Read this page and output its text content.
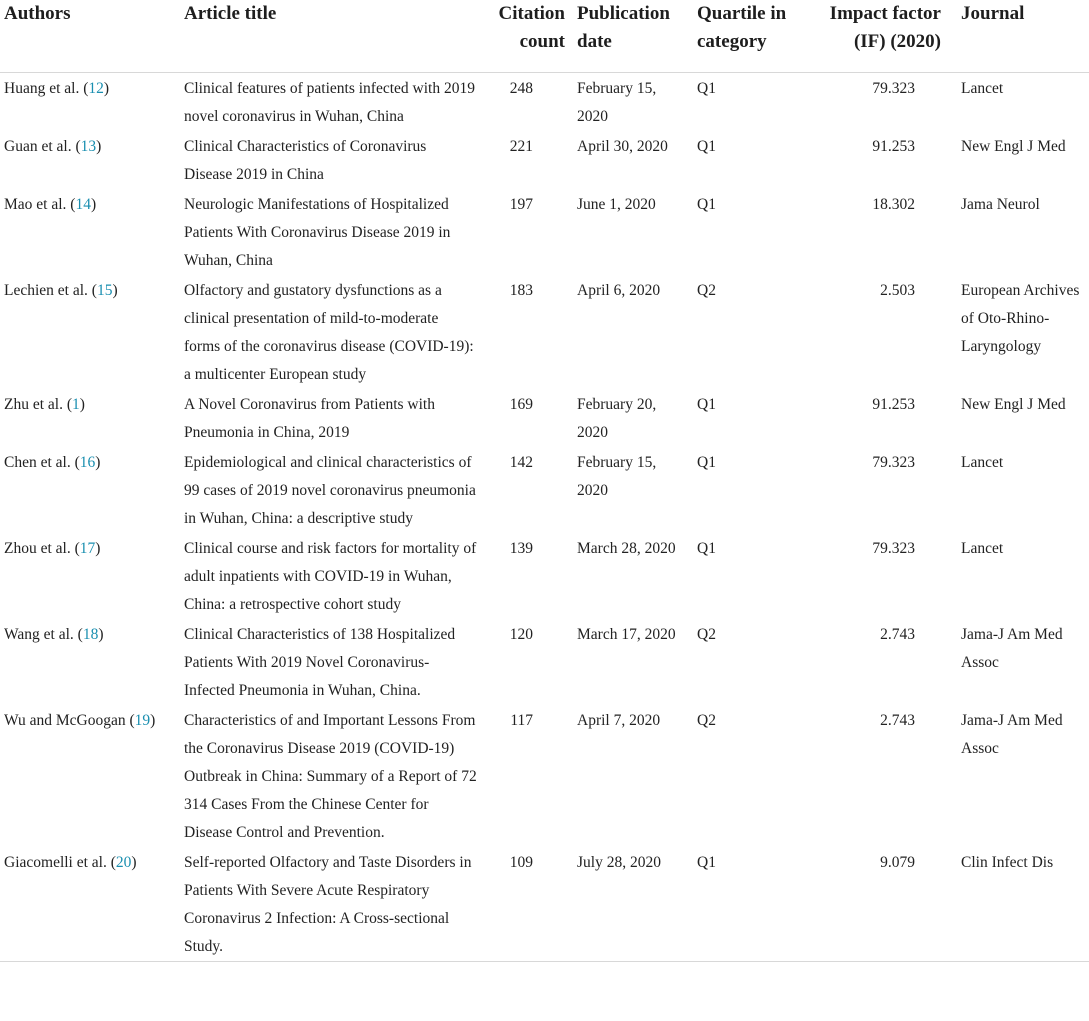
Authors	Article title	Citation count	Publication date	Quartile in category	Impact factor (IF) (2020)	Journal
Huang et al. (12)	Clinical features of patients infected with 2019 novel coronavirus in Wuhan, China	248	February 15, 2020	Q1	79.323	Lancet
Guan et al. (13)	Clinical Characteristics of Coronavirus Disease 2019 in China	221	April 30, 2020	Q1	91.253	New Engl J Med
Mao et al. (14)	Neurologic Manifestations of Hospitalized Patients With Coronavirus Disease 2019 in Wuhan, China	197	June 1, 2020	Q1	18.302	Jama Neurol
Lechien et al. (15)	Olfactory and gustatory dysfunctions as a clinical presentation of mild-to-moderate forms of the coronavirus disease (COVID-19): a multicenter European study	183	April 6, 2020	Q2	2.503	European Archives of Oto-Rhino-Laryngology
Zhu et al. (1)	A Novel Coronavirus from Patients with Pneumonia in China, 2019	169	February 20, 2020	Q1	91.253	New Engl J Med
Chen et al. (16)	Epidemiological and clinical characteristics of 99 cases of 2019 novel coronavirus pneumonia in Wuhan, China: a descriptive study	142	February 15, 2020	Q1	79.323	Lancet
Zhou et al. (17)	Clinical course and risk factors for mortality of adult inpatients with COVID-19 in Wuhan, China: a retrospective cohort study	139	March 28, 2020	Q1	79.323	Lancet
Wang et al. (18)	Clinical Characteristics of 138 Hospitalized Patients With 2019 Novel Coronavirus-Infected Pneumonia in Wuhan, China.	120	March 17, 2020	Q2	2.743	Jama-J Am Med Assoc
Wu and McGoogan (19)	Characteristics of and Important Lessons From the Coronavirus Disease 2019 (COVID-19) Outbreak in China: Summary of a Report of 72 314 Cases From the Chinese Center for Disease Control and Prevention.	117	April 7, 2020	Q2	2.743	Jama-J Am Med Assoc
Giacomelli et al. (20)	Self-reported Olfactory and Taste Disorders in Patients With Severe Acute Respiratory Coronavirus 2 Infection: A Cross-sectional Study.	109	July 28, 2020	Q1	9.079	Clin Infect Dis
